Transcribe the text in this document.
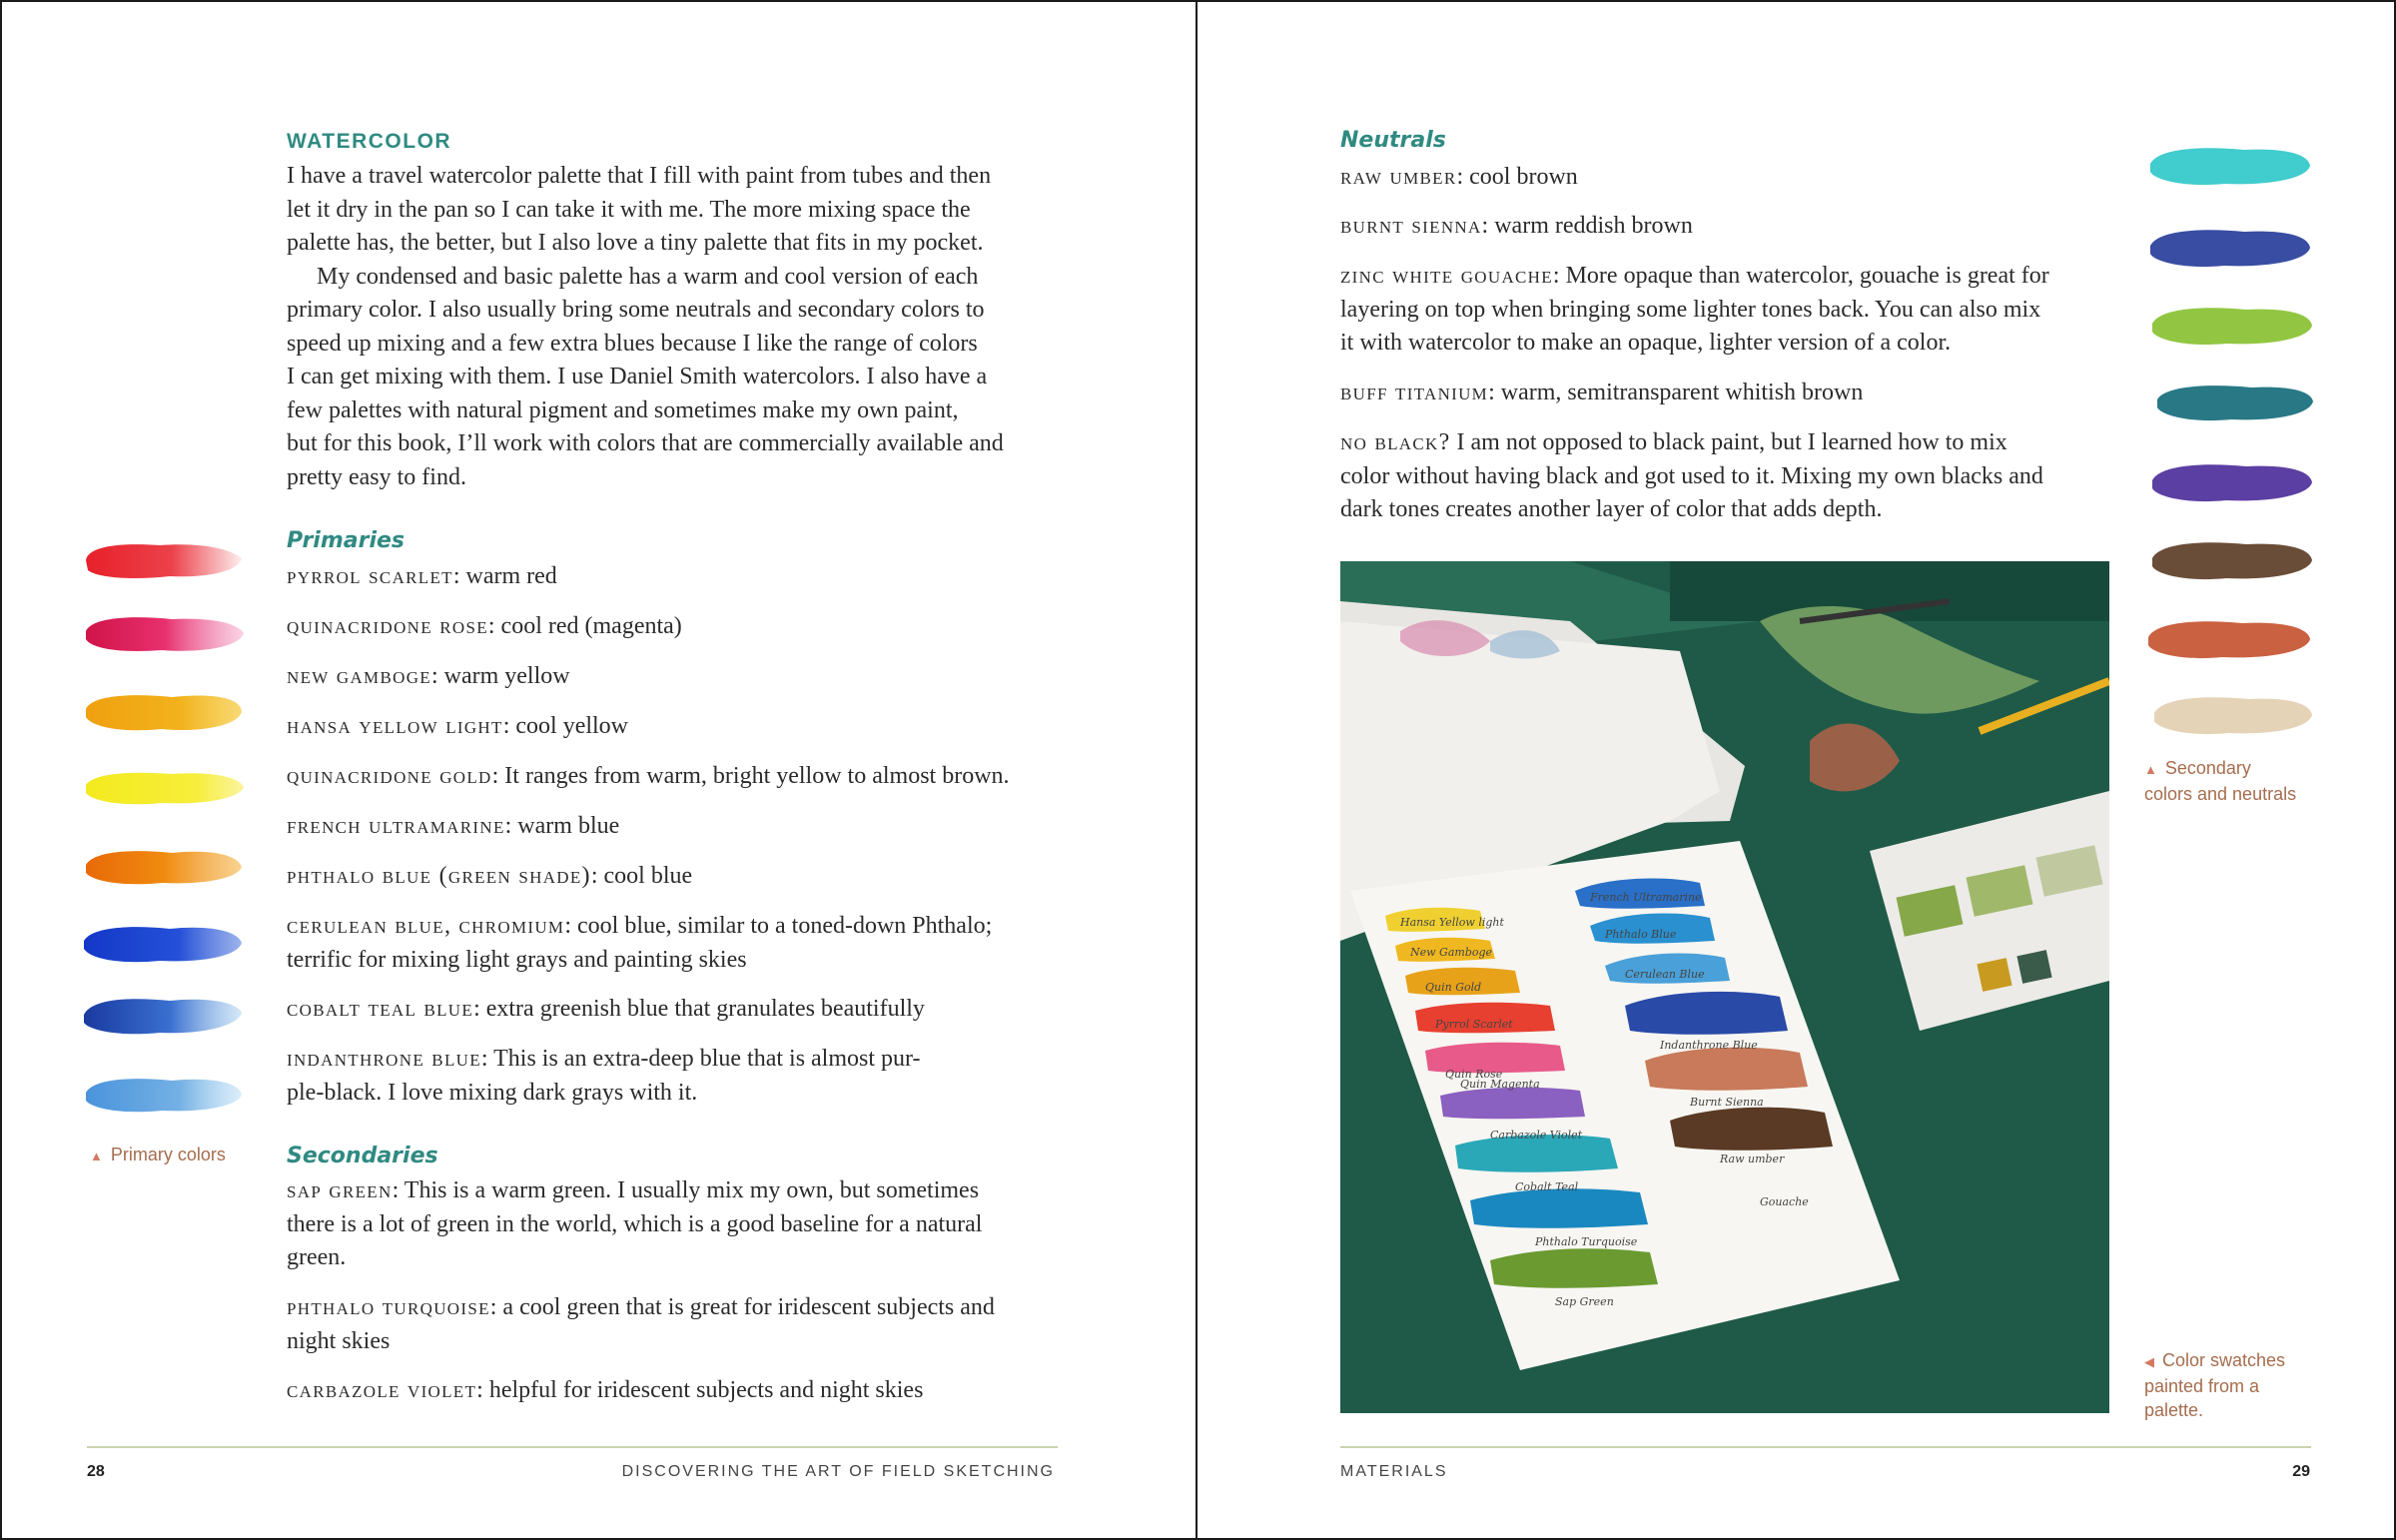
WATERCOLOR

I have a travel watercolor palette that I fill with paint from tubes and then

let it dry in the pan so I can take it with me. The more mixing space the

palette has, the better, but I also love a tiny palette that fits in my pocket.

My condensed and basic palette has a warm and cool version of each

primary color. I also usually bring some neutrals and secondary colors to

speed up mixing and a few extra blues because I like the range of colors

I can get mixing with them. I use Daniel Smith watercolors. I also have a

few palettes with natural pigment and sometimes make my own paint,

but for this book, I’ll work with colors that are commercially available and

pretty easy to find.

Primaries
pyrrol scarlet: warm red
quinacridone rose: cool red (magenta)
new gamboge: warm yellow
hansa yellow light: cool yellow
quinacridone gold: It ranges from warm, bright yellow to almost brown.
french ultramarine: warm blue
phthalo blue (green shade): cool blue
cerulean blue, chromium: cool blue, similar to a toned-down Phthalo;
terrific for mixing light grays and painting skies
cobalt teal blue: extra greenish blue that granulates beautifully
indanthrone blue: This is an extra-deep blue that is almost pur-
ple-black. I love mixing dark grays with it.
Secondaries
sap green: This is a warm green. I usually mix my own, but sometimes
there is a lot of green in the world, which is a good baseline for a natural
green.
phthalo turquoise: a cool green that is great for iridescent subjects and
night skies
carbazole violet: helpful for iridescent subjects and night skies
▲ Primary colors
28	DISCOVERING THE ART OF FIELD SKETCHING
Neutrals
raw umber: cool brown
burnt sienna: warm reddish brown
zinc white gouache: More opaque than watercolor, gouache is great for
layering on top when bringing some lighter tones back. You can also mix
it with watercolor to make an opaque, lighter version of a color.
buff titanium: warm, semitransparent whitish brown
no black? I am not opposed to black paint, but I learned how to mix
color without having black and got used to it. Mixing my own blacks and
dark tones creates another layer of color that adds depth.
Hansa Yellow light
New Gamboge
Quin Gold
Pyrrol Scarlet
Quin Rose
Quin Magenta
Carbazole Violet
Cobalt Teal
Phthalo Turquoise
Sap Green
French Ultramarine
Phthalo Blue
Cerulean Blue
Indanthrone Blue
Burnt Sienna
Raw umber
Gouache
▲ Secondary
colors and neutrals
◀ Color swatches
painted from a
palette.
MATERIALS	29
